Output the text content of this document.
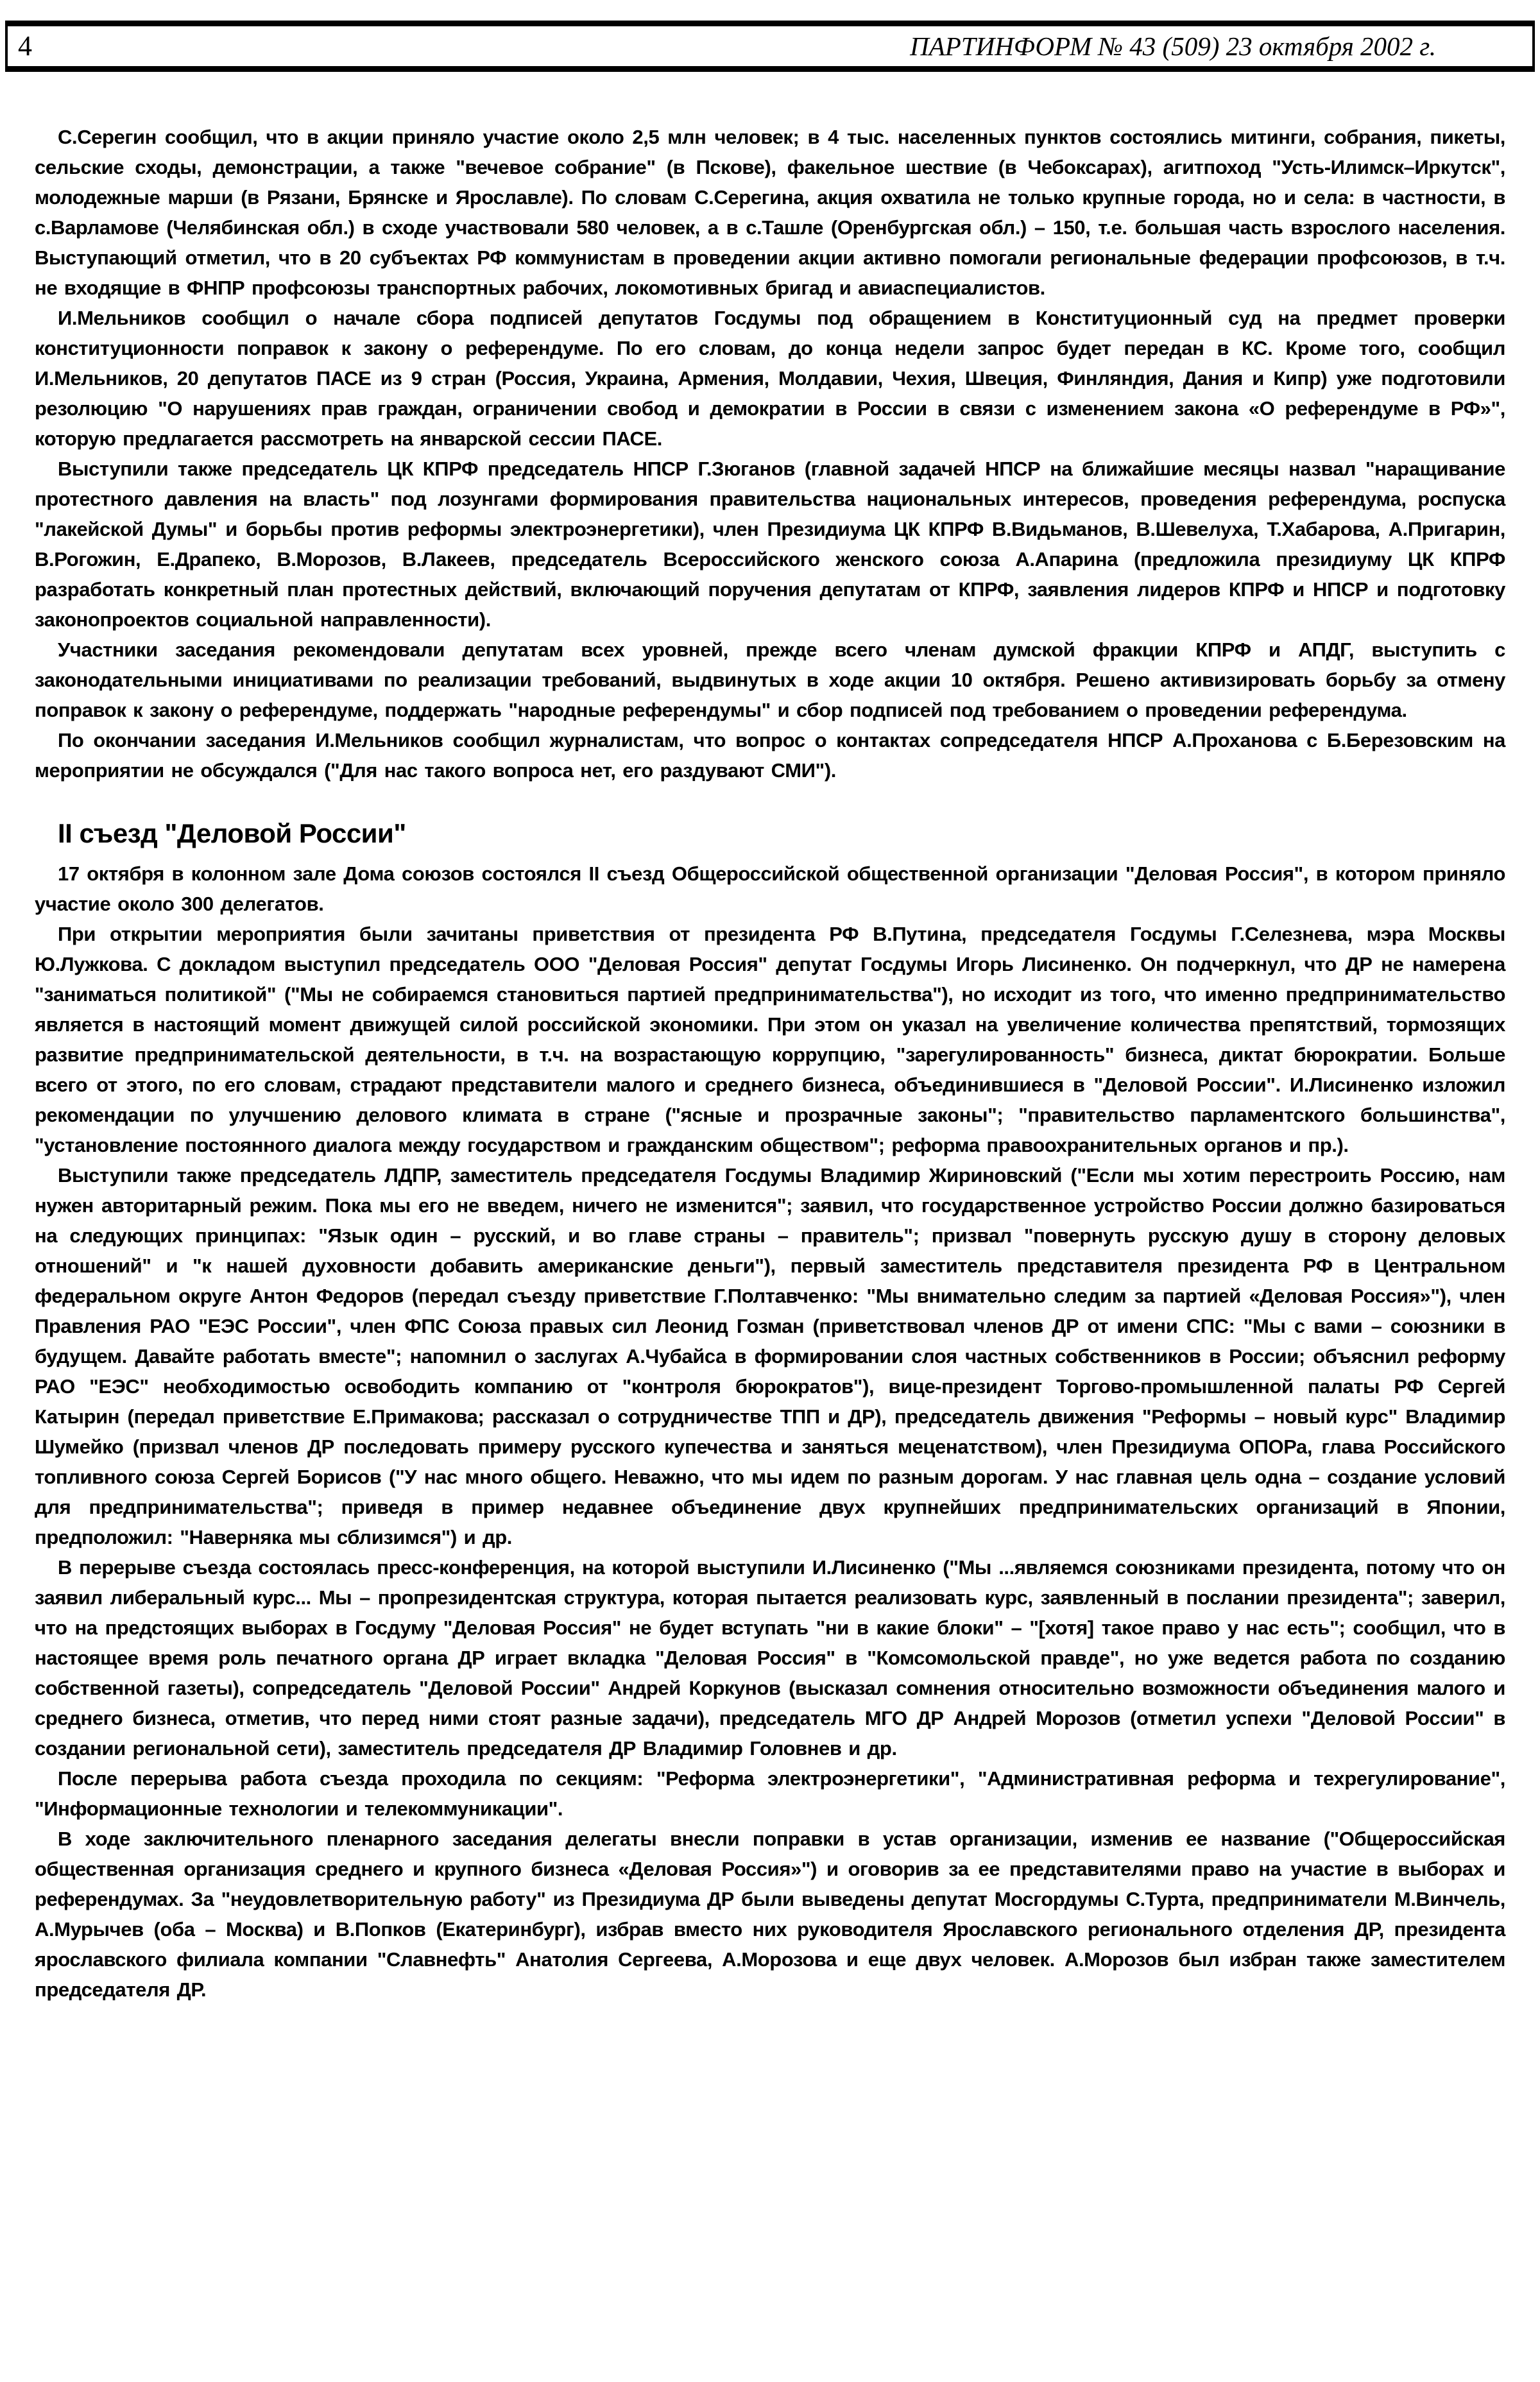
4	ПАРТИНФОРМ № 43 (509) 23 октября 2002 г.

С.Серегин сообщил, что в акции приняло участие около 2,5 млн человек; в 4 тыс. населенных пунктов состоялись митинги, собрания, пикеты, сельские сходы, демонстрации, а также "вечевое собрание" (в Пскове), факельное шествие (в Чебоксарах), агитпоход "Усть-Илимск–Иркутск", молодежные марши (в Рязани, Брянске и Ярославле). По словам С.Серегина, акция охватила не только крупные города, но и села: в частности, в с.Варламове (Челябинская обл.) в сходе участвовали 580 человек, а в с.Ташле (Оренбургская обл.) – 150, т.е. большая часть взрослого населения. Выступающий отметил, что в 20 субъектах РФ коммунистам в проведении акции активно помогали региональные федерации профсоюзов, в т.ч. не входящие в ФНПР профсоюзы транспортных рабочих, локомотивных бригад и авиаспециалистов.

И.Мельников сообщил о начале сбора подписей депутатов Госдумы под обращением в Конституционный суд на предмет проверки конституционности поправок к закону о референдуме. По его словам, до конца недели запрос будет передан в КС. Кроме того, сообщил И.Мельников, 20 депутатов ПАСЕ из 9 стран (Россия, Украина, Армения, Молдавии, Чехия, Швеция, Финляндия, Дания и Кипр) уже подготовили резолюцию "О нарушениях прав граждан, ограничении свобод и демократии в России в связи с изменением закона «О референдуме в РФ»", которую предлагается рассмотреть на январской сессии ПАСЕ.

Выступили также председатель ЦК КПРФ председатель НПСР Г.Зюганов (главной задачей НПСР на ближайшие месяцы назвал "наращивание протестного давления на власть" под лозунгами формирования правительства национальных интересов, проведения референдума, роспуска "лакейской Думы" и борьбы против реформы электроэнергетики), член Президиума ЦК КПРФ В.Видьманов, В.Шевелуха, Т.Хабарова, А.Пригарин, В.Рогожин, Е.Драпеко, В.Морозов, В.Лакеев, председатель Всероссийского женского союза А.Апарина (предложила президиуму ЦК КПРФ разработать конкретный план протестных действий, включающий поручения депутатам от КПРФ, заявления лидеров КПРФ и НПСР и подготовку законопроектов социальной направленности).

Участники заседания рекомендовали депутатам всех уровней, прежде всего членам думской фракции КПРФ и АПДГ, выступить с законодательными инициативами по реализации требований, выдвинутых в ходе акции 10 октября. Решено активизировать борьбу за отмену поправок к закону о референдуме, поддержать "народные референдумы" и сбор подписей под требованием о проведении референдума.

По окончании заседания И.Мельников сообщил журналистам, что вопрос о контактах сопредседателя НПСР А.Проханова с Б.Березовским на мероприятии не обсуждался ("Для нас такого вопроса нет, его раздувают СМИ").

II съезд "Деловой России"

17 октября в колонном зале Дома союзов состоялся II съезд Общероссийской общественной организации "Деловая Россия", в котором приняло участие около 300 делегатов.

При открытии мероприятия были зачитаны приветствия от президента РФ В.Путина, председателя Госдумы Г.Селезнева, мэра Москвы Ю.Лужкова. С докладом выступил председатель ООО "Деловая Россия" депутат Госдумы Игорь Лисиненко. Он подчеркнул, что ДР не намерена "заниматься политикой" ("Мы не собираемся становиться партией предпринимательства"), но исходит из того, что именно предпринимательство является в настоящий момент движущей силой российской экономики. При этом он указал на увеличение количества препятствий, тормозящих развитие предпринимательской деятельности, в т.ч. на возрастающую коррупцию, "зарегулированность" бизнеса, диктат бюрократии. Больше всего от этого, по его словам, страдают представители малого и среднего бизнеса, объединившиеся в "Деловой России". И.Лисиненко изложил рекомендации по улучшению делового климата в стране ("ясные и прозрачные законы"; "правительство парламентского большинства", "установление постоянного диалога между государством и гражданским обществом"; реформа правоохранительных органов и пр.).

Выступили также председатель ЛДПР, заместитель председателя Госдумы Владимир Жириновский ("Если мы хотим перестроить Россию, нам нужен авторитарный режим. Пока мы его не введем, ничего не изменится"; заявил, что государственное устройство России должно базироваться на следующих принципах: "Язык один – русский, и во главе страны – правитель"; призвал "повернуть русскую душу в сторону деловых отношений" и "к нашей духовности добавить американские деньги"), первый заместитель представителя президента РФ в Центральном федеральном округе Антон Федоров (передал съезду приветствие Г.Полтавченко: "Мы внимательно следим за партией «Деловая Россия»"), член Правления РАО "ЕЭС России", член ФПС Союза правых сил Леонид Гозман (приветствовал членов ДР от имени СПС: "Мы с вами – союзники в будущем. Давайте работать вместе"; напомнил о заслугах А.Чубайса в формировании слоя частных собственников в России; объяснил реформу РАО "ЕЭС" необходимостью освободить компанию от "контроля бюрократов"), вице-президент Торгово-промышленной палаты РФ Сергей Катырин (передал приветствие Е.Примакова; рассказал о сотрудничестве ТПП и ДР), председатель движения "Реформы – новый курс" Владимир Шумейко (призвал членов ДР последовать примеру русского купечества и заняться меценатством), член Президиума ОПОРа, глава Российского топливного союза Сергей Борисов ("У нас много общего. Неважно, что мы идем по разным дорогам. У нас главная цель одна – создание условий для предпринимательства"; приведя в пример недавнее объединение двух крупнейших предпринимательских организаций в Японии, предположил: "Наверняка мы сблизимся") и др.

В перерыве съезда состоялась пресс-конференция, на которой выступили И.Лисиненко ("Мы ...являемся союзниками президента, потому что он заявил либеральный курс... Мы – пропрезидентская структура, которая пытается реализовать курс, заявленный в послании президента"; заверил, что на предстоящих выборах в Госдуму "Деловая Россия" не будет вступать "ни в какие блоки" – "[хотя] такое право у нас есть"; сообщил, что в настоящее время роль печатного органа ДР играет вкладка "Деловая Россия" в "Комсомольской правде", но уже ведется работа по созданию собственной газеты), сопредседатель "Деловой России" Андрей Коркунов (высказал сомнения относительно возможности объединения малого и среднего бизнеса, отметив, что перед ними стоят разные задачи), председатель МГО ДР Андрей Морозов (отметил успехи "Деловой России" в создании региональной сети), заместитель председателя ДР Владимир Головнев и др.

После перерыва работа съезда проходила по секциям: "Реформа электроэнергетики", "Административная реформа и техрегулирование", "Информационные технологии и телекоммуникации".

В ходе заключительного пленарного заседания делегаты внесли поправки в устав организации, изменив ее название ("Общероссийская общественная организация среднего и крупного бизнеса «Деловая Россия»") и оговорив за ее представителями право на участие в выборах и референдумах. За "неудовлетворительную работу" из Президиума ДР были выведены депутат Мосгордумы С.Турта, предприниматели М.Винчель, А.Мурычев (оба – Москва) и В.Попков (Екатеринбург), избрав вместо них руководителя Ярославского регионального отделения ДР, президента ярославского филиала компании "Славнефть" Анатолия Сергеева, А.Морозова и еще двух человек. А.Морозов был избран также заместителем председателя ДР.
